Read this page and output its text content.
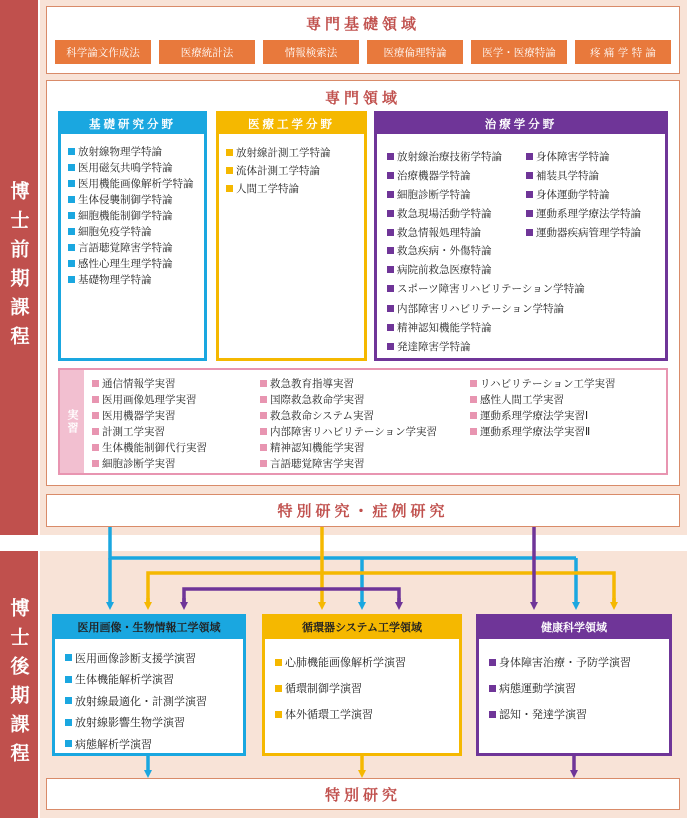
博士前期課程
博士後期課程
専門基礎領域
科学論文作成法	医療統計法	情報検索法	医療倫理特論	医学・医療特論	疼 痛 学 特 論
専門領域
基礎研究分野
放射線物理学特論
医用磁気共鳴学特論
医用機能画像解析学特論
生体侵襲制御学特論
細胞機能制御学特論
細胞免疫学特論
言語聴覚障害学特論
感性心理生理学特論
基礎物理学特論
医療工学分野
放射線計測工学特論
流体計測工学特論
人間工学特論
治療学分野
放射線治療技術学特論
治療機器学特論
細胞診断学特論
救急現場活動学特論
救急情報処理特論
身体障害学特論
補装具学特論
身体運動学特論
運動系理学療法学特論
運動器疾病管理学特論
救急疾病・外傷特論
病院前救急医療特論
スポーツ障害リハビリテーション学特論
内部障害リハビリテーション学特論
精神認知機能学特論
発達障害学特論
実習
通信情報学実習
医用画像処理学実習
医用機器学実習
計測工学実習
生体機能制御代行実習
細胞診断学実習
救急教育指導実習
国際救急救命学実習
救急救命システム実習
内部障害リハビリテーション学実習
精神認知機能学実習
言語聴覚障害学実習
リハビリテーション工学実習
感性人間工学実習
運動系理学療法学実習Ⅰ
運動系理学療法学実習Ⅱ
特別研究・症例研究
医用画像・生物情報工学領域
医用画像診断支援学演習
生体機能解析学演習
放射線最適化・計測学演習
放射線影響生物学演習
病態解析学演習
循環器システム工学領域
心肺機能画像解析学演習
循環制御学演習
体外循環工学演習
健康科学領域
身体障害治療・予防学演習
病態運動学演習
認知・発達学演習
特別研究
